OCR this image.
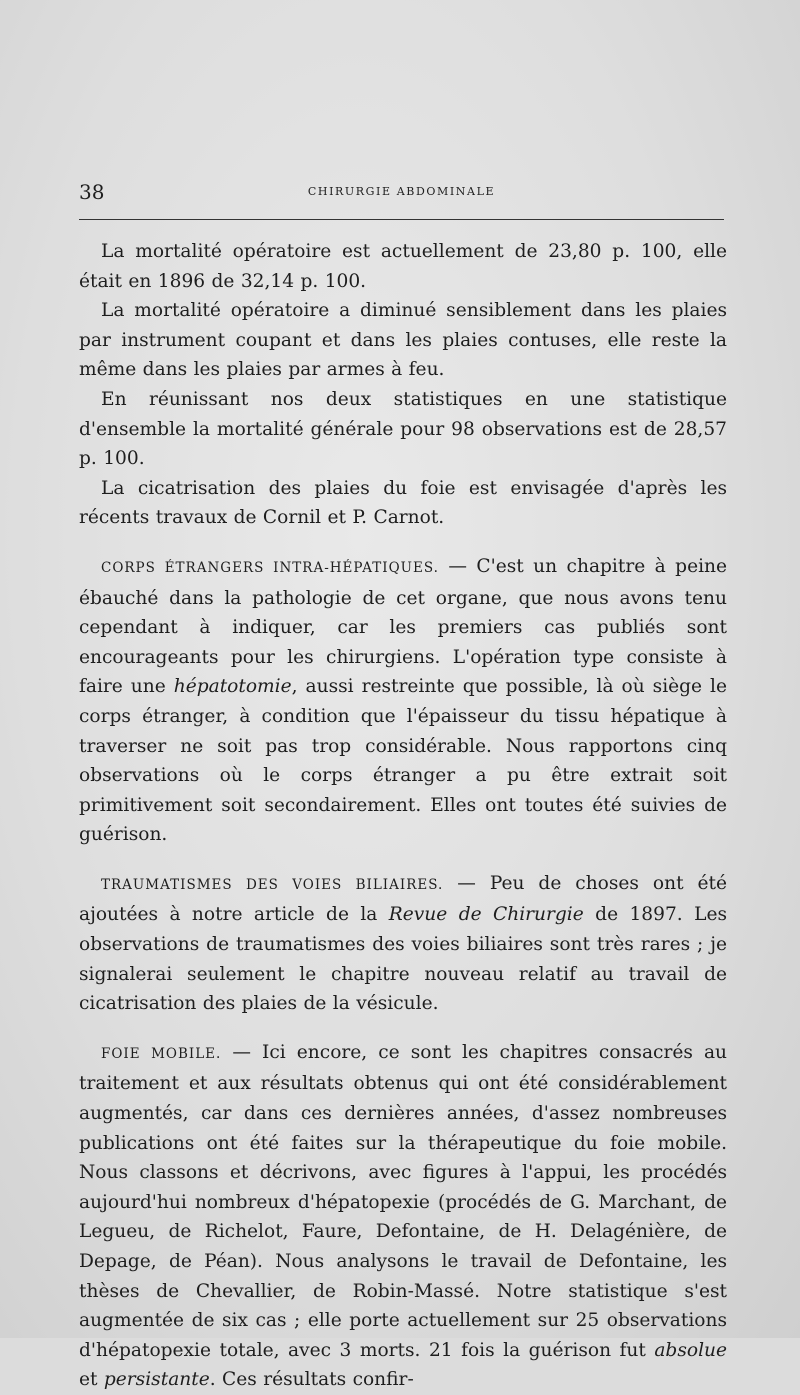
38	CHIRURGIE ABDOMINALE

La mortalité opératoire est actuellement de 23,80 p. 100, elle était en 1896 de 32,14 p. 100.

La mortalité opératoire a diminué sensiblement dans les plaies par instrument coupant et dans les plaies contuses, elle reste la même dans les plaies par armes à feu.

En réunissant nos deux statistiques en une statistique d'ensemble la mortalité générale pour 98 observations est de 28,57 p. 100.

La cicatrisation des plaies du foie est envisagée d'après les récents travaux de Cornil et P. Carnot.

CORPS ÉTRANGERS INTRA-HÉPATIQUES. — C'est un chapitre à peine ébauché dans la pathologie de cet organe, que nous avons tenu cependant à indiquer, car les premiers cas publiés sont encourageants pour les chirurgiens. L'opération type consiste à faire une hépatotomie, aussi restreinte que possible, là où siège le corps étranger, à condition que l'épaisseur du tissu hépatique à traverser ne soit pas trop considérable. Nous rapportons cinq observations où le corps étranger a pu être extrait soit primitivement soit secondairement. Elles ont toutes été suivies de guérison.

TRAUMATISMES DES VOIES BILIAIRES. — Peu de choses ont été ajoutées à notre article de la Revue de Chirurgie de 1897. Les observations de traumatismes des voies biliaires sont très rares ; je signalerai seulement le chapitre nouveau relatif au travail de cicatrisation des plaies de la vésicule.

FOIE MOBILE. — Ici encore, ce sont les chapitres consacrés au traitement et aux résultats obtenus qui ont été considérablement augmentés, car dans ces dernières années, d'assez nombreuses publications ont été faites sur la thérapeutique du foie mobile. Nous classons et décrivons, avec figures à l'appui, les procédés aujourd'hui nombreux d'hépatopexie (procédés de G. Marchant, de Legueu, de Richelot, Faure, Defontaine, de H. Delagénière, de Depage, de Péan). Nous analysons le travail de Defontaine, les thèses de Chevallier, de Robin-Massé. Notre statistique s'est augmentée de six cas ; elle porte actuellement sur 25 observations d'hépatopexie totale, avec 3 morts. 21 fois la guérison fut absolue et persistante. Ces résultats confir-
